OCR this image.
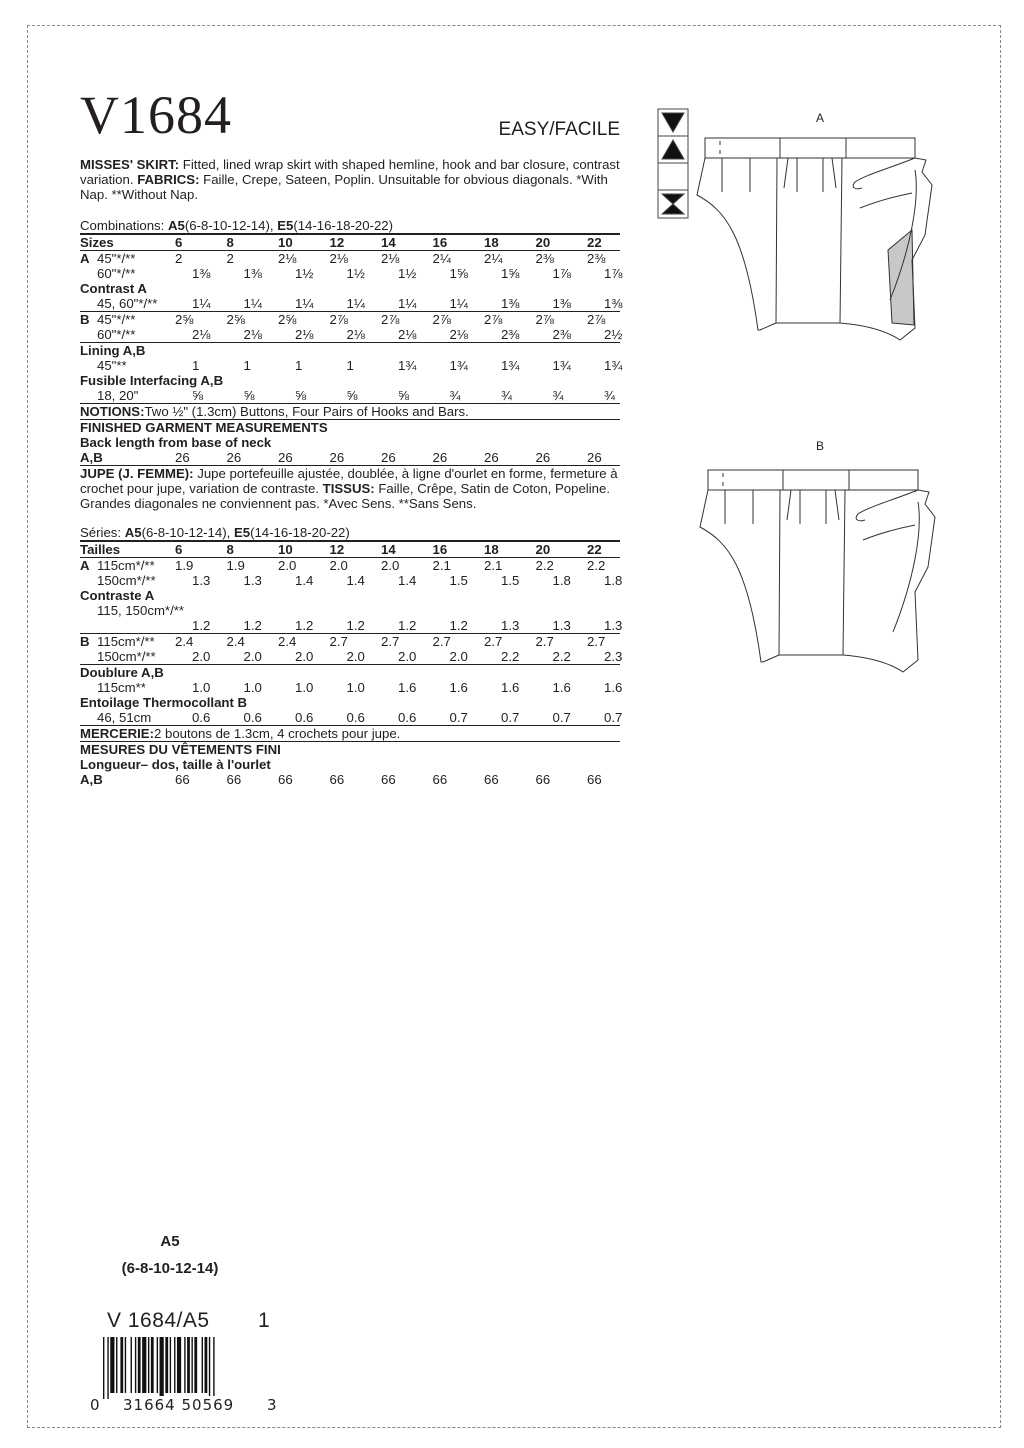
V1684	EASY/FACILE

MISSES' SKIRT: Fitted, lined wrap skirt with shaped hemline, hook and bar closure, contrast variation. FABRICS: Faille, Crepe, Sateen, Poplin. Unsuitable for obvious diagonals. *With Nap. **Without Nap.

Combinations: A5(6-8-10-12-14), E5(14-16-18-20-22)
Sizes	6	8	10	12	14	16	18	20	22
A 45"*/**	2	2	2⅛	2⅛	2⅛	2¼	2¼	2⅜	2⅜
60"*/**	1⅜	1⅜	1½	1½	1½	1⅝	1⅝	1⅞	1⅞
Contrast A
45, 60"*/**	1¼	1¼	1¼	1¼	1¼	1¼	1⅜	1⅜	1⅜
B 45"*/**	2⅝	2⅝	2⅝	2⅞	2⅞	2⅞	2⅞	2⅞	2⅞
60"*/**	2⅛	2⅛	2⅛	2⅛	2⅛	2⅛	2⅜	2⅜	2½
Lining A,B
45"**	1	1	1	1	1¾	1¾	1¾	1¾	1¾
Fusible Interfacing A,B
18, 20"	⅝	⅝	⅝	⅝	⅝	¾	¾	¾	¾
NOTIONS: Two ½" (1.3cm) Buttons, Four Pairs of Hooks and Bars.
FINISHED GARMENT MEASUREMENTS
Back length from base of neck
A,B	26	26	26	26	26	26	26	26	26

JUPE (J. FEMME): Jupe portefeuille ajustée, doublée, à ligne d'ourlet en forme, fermeture à crochet pour jupe, variation de contraste. TISSUS: Faille, Crêpe, Satin de Coton, Popeline. Grandes diagonales ne conviennent pas. *Avec Sens. **Sans Sens.

Séries: A5(6-8-10-12-14), E5(14-16-18-20-22)
Tailles	6	8	10	12	14	16	18	20	22
A 115cm*/**	1.9	1.9	2.0	2.0	2.0	2.1	2.1	2.2	2.2
150cm*/**	1.3	1.3	1.4	1.4	1.4	1.5	1.5	1.8	1.8
Contraste A
115, 150cm*/**
1.2	1.2	1.2	1.2	1.2	1.2	1.3	1.3	1.3
B 115cm*/**	2.4	2.4	2.4	2.7	2.7	2.7	2.7	2.7	2.7
150cm*/**	2.0	2.0	2.0	2.0	2.0	2.0	2.2	2.2	2.3
Doublure A,B
115cm**	1.0	1.0	1.0	1.0	1.6	1.6	1.6	1.6	1.6
Entoilage Thermocollant B
46, 51cm	0.6	0.6	0.6	0.6	0.6	0.7	0.7	0.7	0.7
MERCERIE: 2 boutons de 1.3cm, 4 crochets pour jupe.
MESURES DU VÊTEMENTS FINI
Longueur– dos, taille à l'ourlet
A,B	66	66	66	66	66	66	66	66	66
A
B
A5
(6-8-10-12-14)
V 1684/A5 1
0 31664 50569 3
